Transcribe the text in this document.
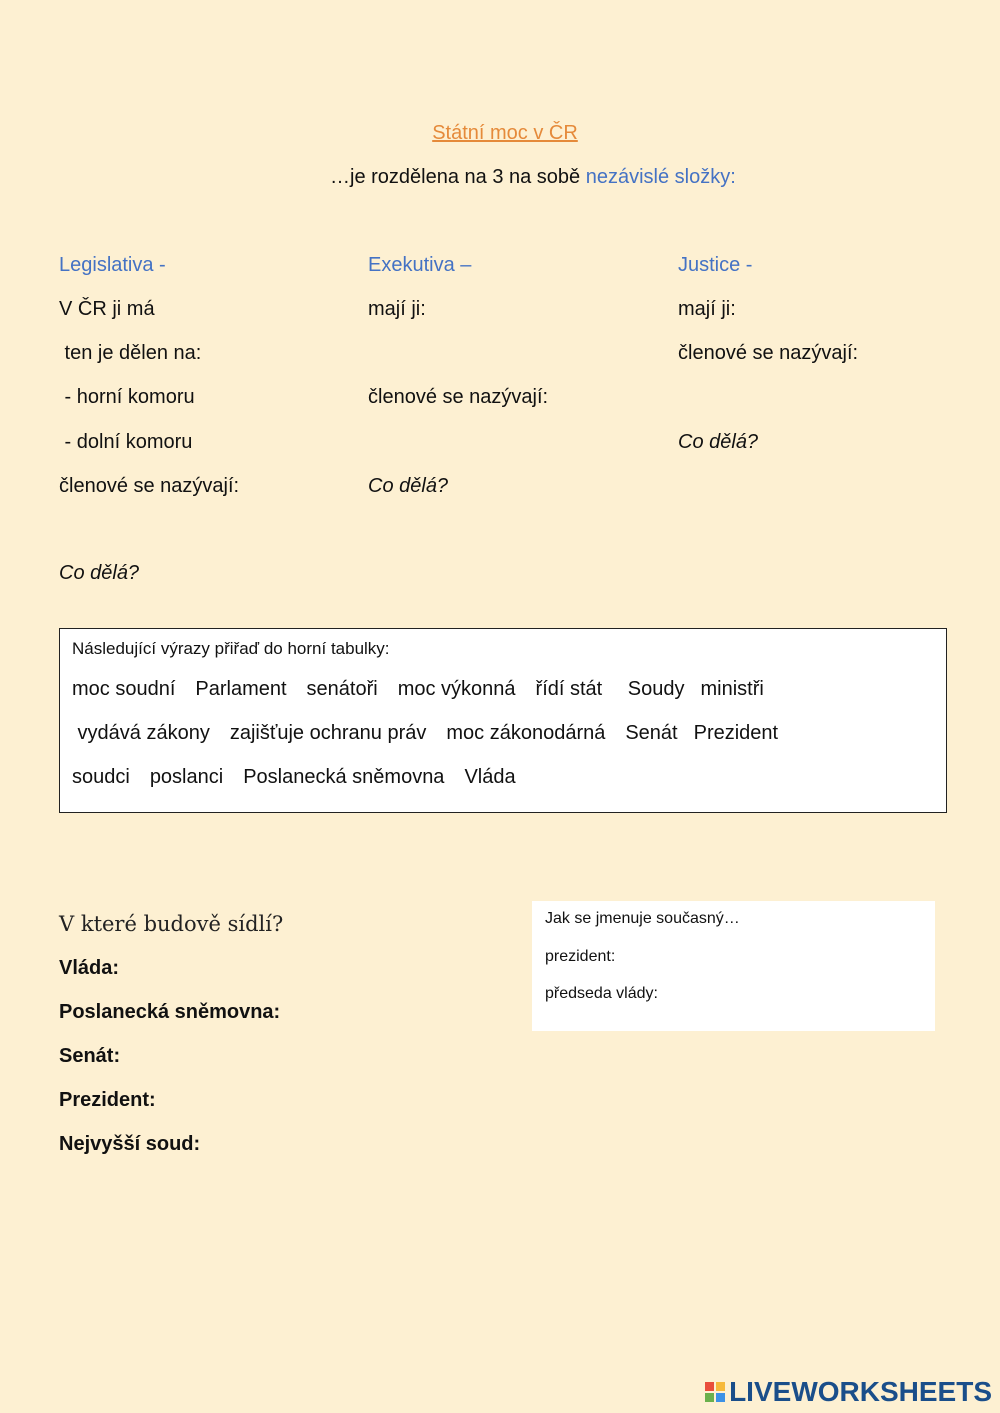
Státní moc v ČR
…je rozdělena na 3 na sobě nezávislé složky:
Legislativa -
V ČR ji má
ten je dělen na:
- horní komoru
- dolní komoru
členové se nazývají:
Co dělá?
Exekutiva –
mají ji:
členové se nazývají:
Co dělá?
Justice -
mají ji:
členové se nazývají:
Co dělá?
Následující výrazy přiřaď do horní tabulky:
moc soudní Parlament senátoři moc výkonná řídí stát Soudy ministři
vydává zákony zajišťuje ochranu práv moc zákonodárná Senát Prezident
soudci poslanci Poslanecká sněmovna Vláda
V které budově sídlí?
Vláda:
Poslanecká sněmovna:
Senát:
Prezident:
Nejvyšší soud:
Jak se jmenuje současný…
prezident:
předseda vlády:
LIVEWORKSHEETS
